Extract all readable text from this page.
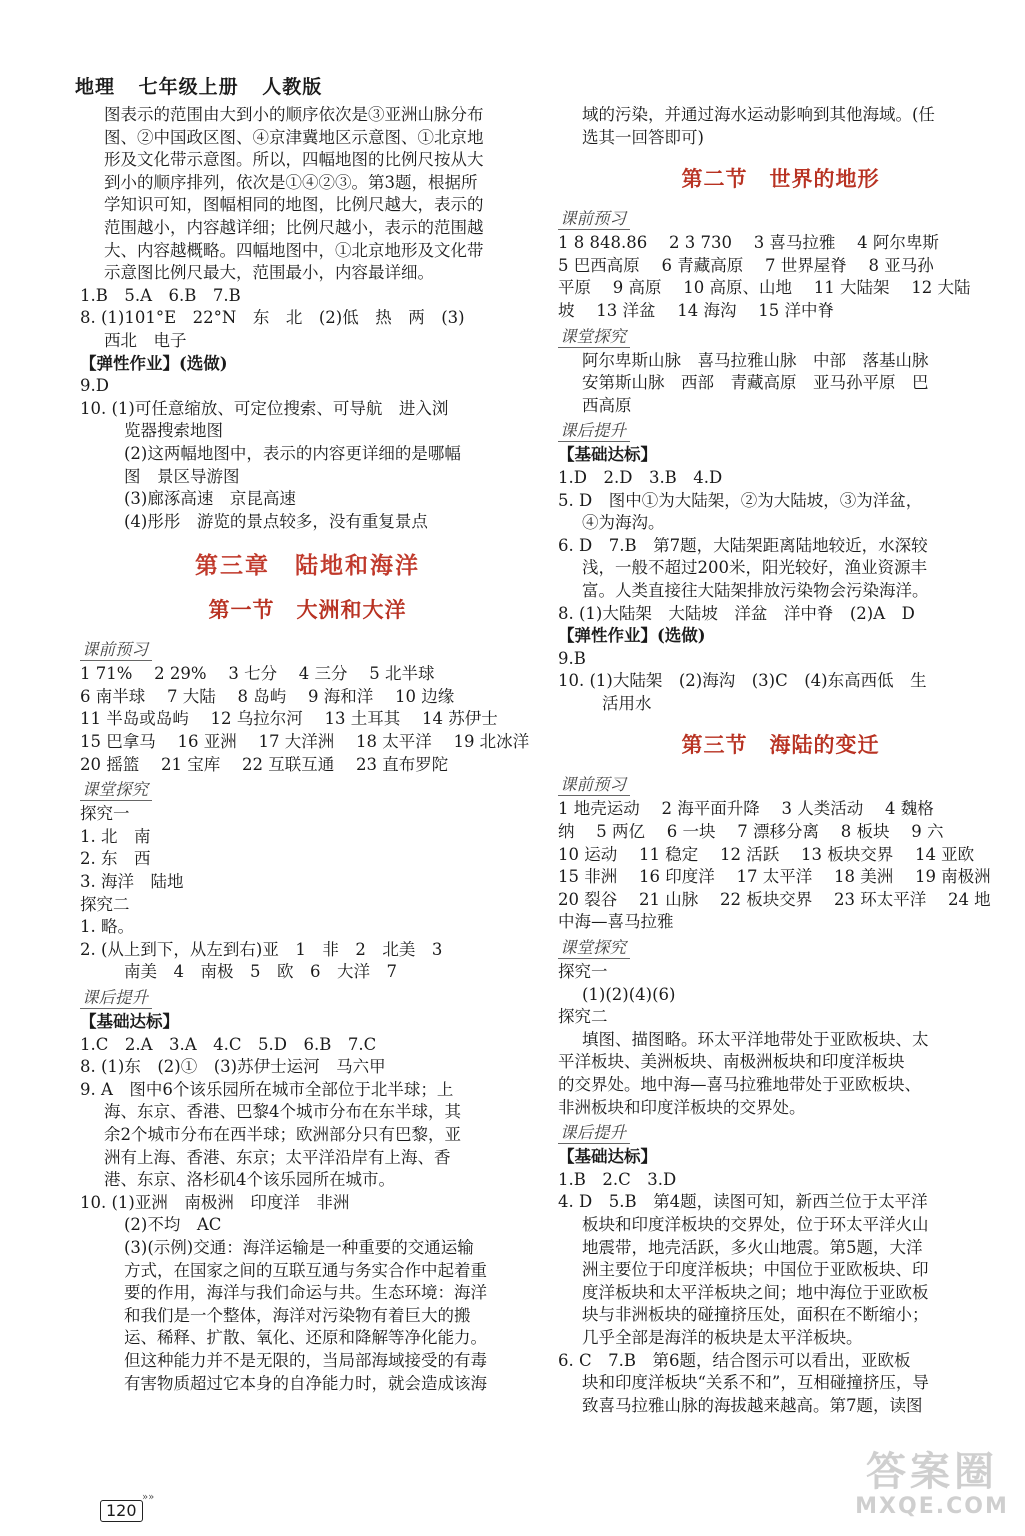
地理 七年级上册 人教版

图表示的范围由大到小的顺序依次是③亚洲山脉分布

图、②中国政区图、④京津冀地区示意图、①北京地

形及文化带示意图。所以，四幅地图的比例尺按从大

到小的顺序排列，依次是①④②③。第3题，根据所

学知识可知，图幅相同的地图，比例尺越大，表示的

范围越小，内容越详细；比例尺越小，表示的范围越

大、内容越概略。四幅地图中，①北京地形及文化带

示意图比例尺最大，范围最小，内容最详细。

1.B　5.A　6.B　7.B

8. (1)101°E　22°N　东　北　(2)低　热　两　(3)

西北　电子

【弹性作业】(选做)

9.D

10. (1)可任意缩放、可定位搜索、可导航　进入浏

览器搜索地图

(2)这两幅地图中，表示的内容更详细的是哪幅

图　景区导游图

(3)廊涿高速　京昆高速

(4)彤彤　游览的景点较多，没有重复景点

第三章　陆地和海洋
第一节　大洲和大洋
课前预习

1 71%　 2 29%　 3 七分　 4 三分　 5 北半球

6 南半球　 7 大陆　 8 岛屿　 9 海和洋　 10 边缘

11 半岛或岛屿　 12 乌拉尔河　 13 土耳其　 14 苏伊士

15 巴拿马　 16 亚洲　 17 大洋洲　 18 太平洋　 19 北冰洋

20 摇篮　 21 宝库　 22 互联互通　 23 直布罗陀

课堂探究

探究一

1. 北　南

2. 东　西

3. 海洋　陆地

探究二

1. 略。

2. (从上到下，从左到右)亚　1　非　2　北美　3

南美　4　南极　5　欧　6　大洋　7

课后提升
【基础达标】

1.C　2.A　3.A　4.C　5.D　6.B　7.C

8. (1)东　(2)①　(3)苏伊士运河　马六甲

9. A　图中6个该乐园所在城市全部位于北半球；上

海、东京、香港、巴黎4个城市分布在东半球，其

余2个城市分布在西半球；欧洲部分只有巴黎，亚

洲有上海、香港、东京；太平洋沿岸有上海、香

港、东京、洛杉矶4个该乐园所在城市。

10. (1)亚洲　南极洲　印度洋　非洲

(2)不均　AC

(3)(示例)交通：海洋运输是一种重要的交通运输

方式，在国家之间的互联互通与务实合作中起着重

要的作用，海洋与我们命运与共。生态环境：海洋

和我们是一个整体，海洋对污染物有着巨大的搬

运、稀释、扩散、氧化、还原和降解等净化能力。

但这种能力并不是无限的，当局部海域接受的有毒

有害物质超过它本身的自净能力时，就会造成该海

域的污染，并通过海水运动影响到其他海域。(任

选其一回答即可)

第二节　世界的地形
课前预习

1 8 848.86　 2 3 730　 3 喜马拉雅　 4 阿尔卑斯

5 巴西高原　 6 青藏高原　 7 世界屋脊　 8 亚马孙

平原　 9 高原　 10 高原、山地　 11 大陆架　 12 大陆

坡　 13 洋盆　 14 海沟　 15 洋中脊

课堂探究

阿尔卑斯山脉　喜马拉雅山脉　中部　落基山脉

安第斯山脉　西部　青藏高原　亚马孙平原　巴

西高原

课后提升
【基础达标】

1.D　2.D　3.B　4.D

5. D　图中①为大陆架，②为大陆坡，③为洋盆，

④为海沟。

6. D　7.B　第7题，大陆架距离陆地较近，水深较

浅，一般不超过200米，阳光较好，渔业资源丰

富。人类直接往大陆架排放污染物会污染海洋。

8. (1)大陆架　大陆坡　洋盆　洋中脊　(2)A　D

【弹性作业】(选做)

9.B

10. (1)大陆架　(2)海沟　(3)C　(4)东高西低　生

活用水

第三节　海陆的变迁
课前预习

1 地壳运动　 2 海平面升降　 3 人类活动　 4 魏格

纳　 5 两亿　 6 一块　 7 漂移分离　 8 板块　 9 六

10 运动　 11 稳定　 12 活跃　 13 板块交界　 14 亚欧

15 非洲　 16 印度洋　 17 太平洋　 18 美洲　 19 南极洲

20 裂谷　 21 山脉　 22 板块交界　 23 环太平洋　 24 地

中海—喜马拉雅

课堂探究

探究一

(1)(2)(4)(6)

探究二

填图、描图略。环太平洋地带处于亚欧板块、太

平洋板块、美洲板块、南极洲板块和印度洋板块

的交界处。地中海—喜马拉雅地带处于亚欧板块、

非洲板块和印度洋板块的交界处。

课后提升
【基础达标】

1.B　2.C　3.D

4. D　5.B　第4题，读图可知，新西兰位于太平洋

板块和印度洋板块的交界处，位于环太平洋火山

地震带，地壳活跃，多火山地震。第5题，大洋

洲主要位于印度洋板块；中国位于亚欧板块、印

度洋板块和太平洋板块之间；地中海位于亚欧板

块与非洲板块的碰撞挤压处，面积在不断缩小；

几乎全部是海洋的板块是太平洋板块。

6. C　7.B　第6题，结合图示可以看出，亚欧板

块和印度洋板块“关系不和”，互相碰撞挤压，导

致喜马拉雅山脉的海拔越来越高。第7题，读图

»»
120
答案圈
MXQE.COM
